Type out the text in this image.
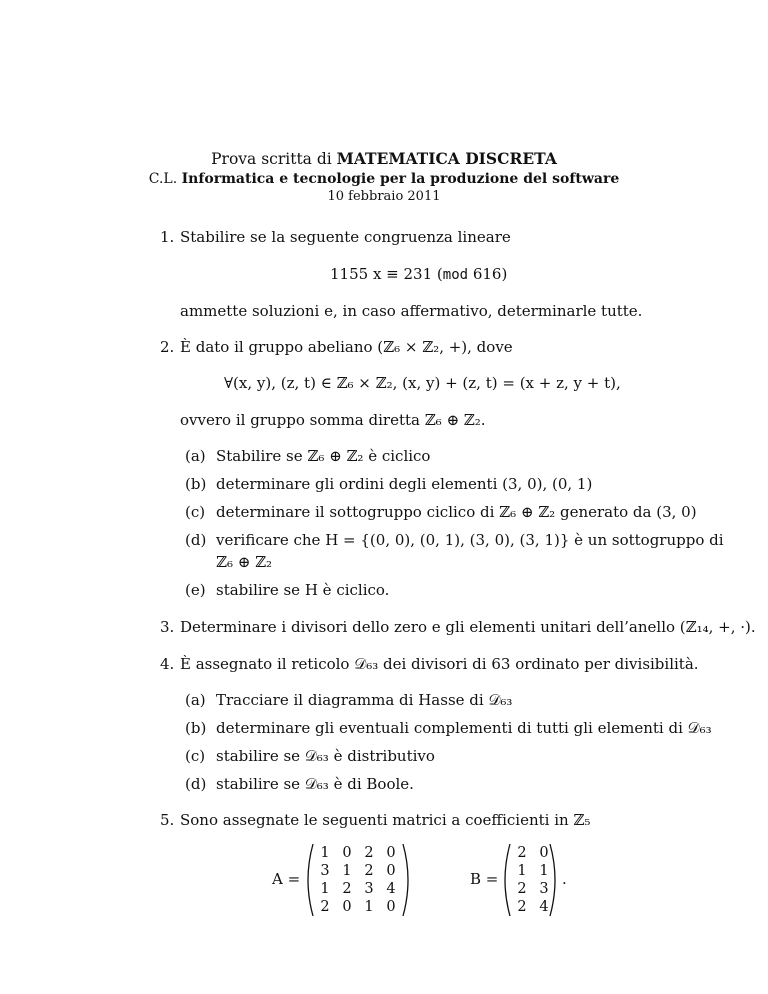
Prova scritta di MATEMATICA DISCRETA
C.L. Informatica e tecnologie per la produzione del software
10 febbraio 2011
1. Stabilire se la seguente congruenza lineare
1155 x ≡ 231 (mod 616)
ammette soluzioni e, in caso affermativo, determinarle tutte.
2. È dato il gruppo abeliano (ℤ₆ × ℤ₂, +), dove
∀(x, y), (z, t) ∈ ℤ₆ × ℤ₂, (x, y) + (z, t) = (x + z, y + t),
ovvero il gruppo somma diretta ℤ₆ ⊕ ℤ₂.
(a) Stabilire se ℤ₆ ⊕ ℤ₂ è ciclico
(b) determinare gli ordini degli elementi (3, 0), (0, 1)
(c) determinare il sottogruppo ciclico di ℤ₆ ⊕ ℤ₂ generato da (3, 0)
(d) verificare che H = {(0, 0), (0, 1), (3, 0), (3, 1)} è un sottogruppo di
ℤ₆ ⊕ ℤ₂
(e) stabilire se H è ciclico.
3. Determinare i divisori dello zero e gli elementi unitari dell’anello (ℤ₁₄, +, ·).
4. È assegnato il reticolo 𝒟₆₃ dei divisori di 63 ordinato per divisibilità.
(a) Tracciare il diagramma di Hasse di 𝒟₆₃
(b) determinare gli eventuali complementi di tutti gli elementi di 𝒟₆₃
(c) stabilire se 𝒟₆₃ è distributivo
(d) stabilire se 𝒟₆₃ è di Boole.
5. Sono assegnate le seguenti matrici a coefficienti in ℤ₅
A =
1 0 2 0
3 1 2 0
1 2 3 4
2 0 1 0
B =
2 0
1 1
2 3
2 4
.
